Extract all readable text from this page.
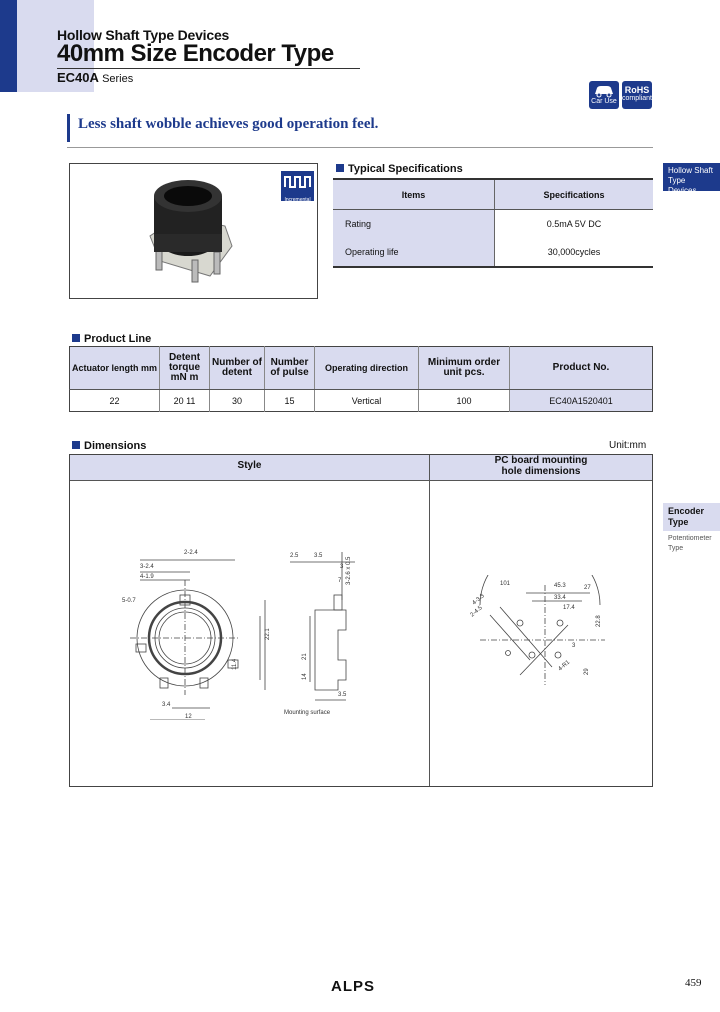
Hollow Shaft Type Devices
40mm Size Encoder Type
EC40A Series
Car Use
RoHS
compliant
Less shaft wobble achieves good operation feel.
Hollow Shaft
Type Devices
Encoder
Type
Potentiometer
Type
Incremental
Typical Specifications
Items	Specifications
Rating	0.5mA 5V DC
Operating life	30,000cycles
Product Line
Actuator length mm	Detent torque mN m	Number of detent	Number of pulse	Operating direction	Minimum order unit pcs.	Product No.
22	20 11	30	15	Vertical	100	EC40A1520401
Dimensions	Unit:mm
Style	PC board mounting
hole dimensions
2-2.4
3-2.4
4-1.9
5-0.7
2.5	3.5
3
7 3-2.6 x 0.5
22.1
11.4
21
14
3.5
3.4
12
Mounting surface
45.3
33.4
17.4
22.8
4-3.3
2-4.5
101
27
29
3
4-R1
ALPS	459
